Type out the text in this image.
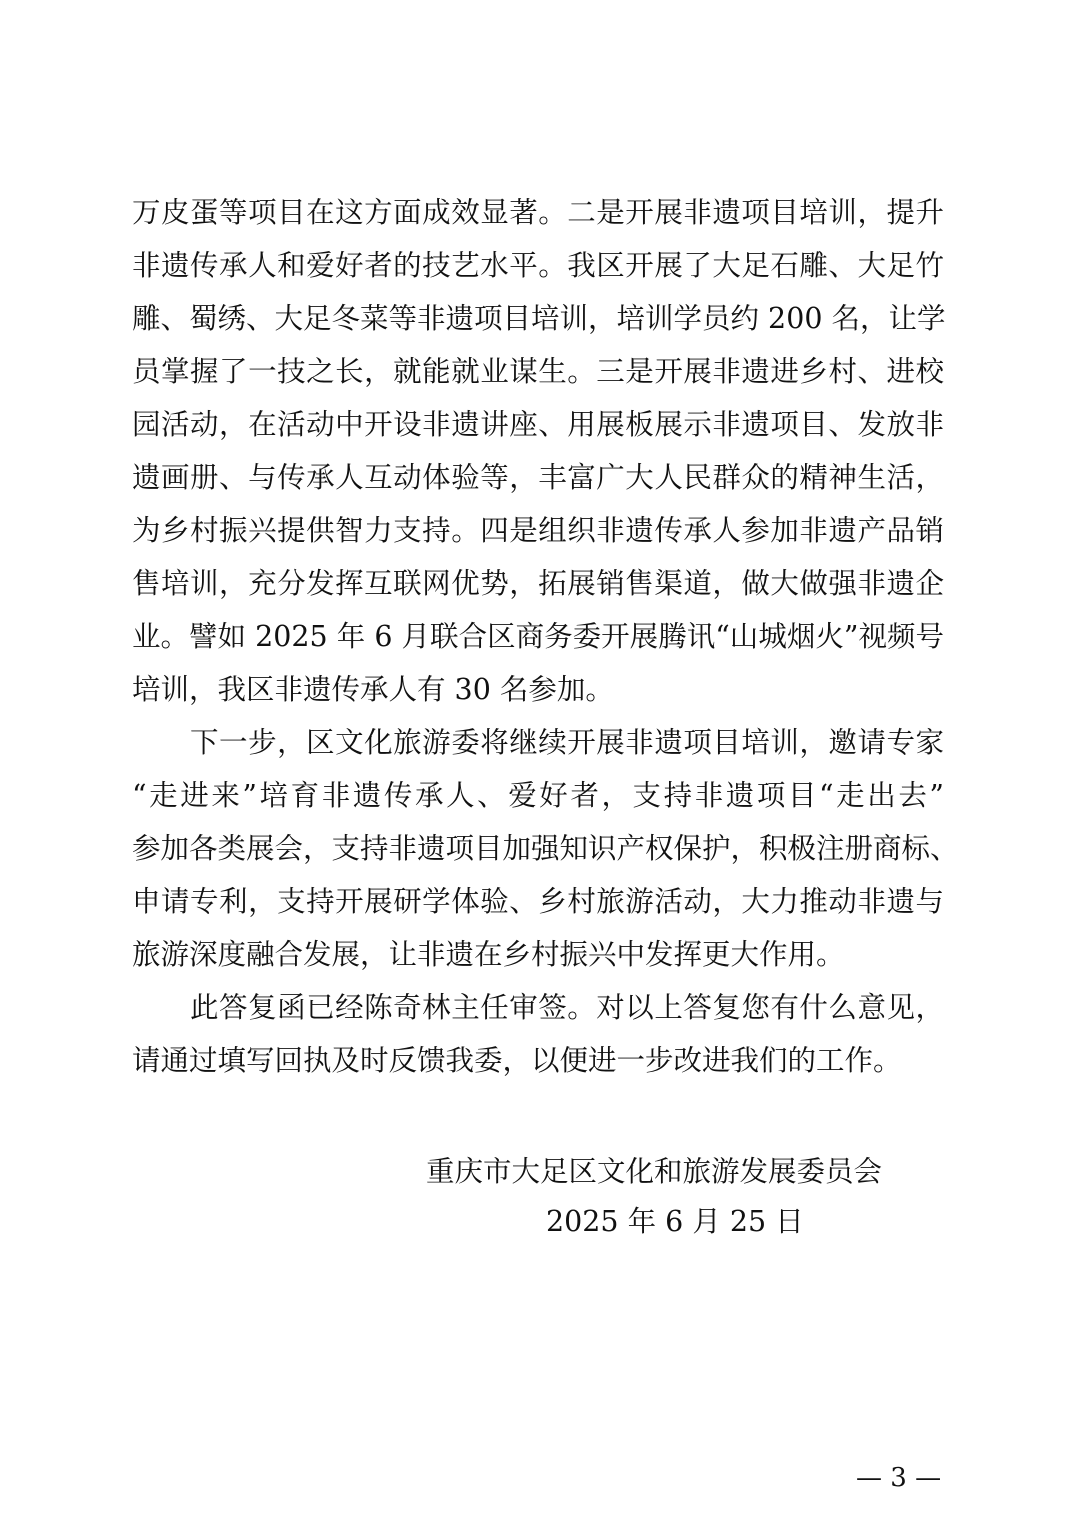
万皮蛋等项目在这方面成效显著。二是开展非遗项目培训，提升
非遗传承人和爱好者的技艺水平。我区开展了大足石雕、大足竹
雕、蜀绣、大足冬菜等非遗项目培训，培训学员约 200 名，让学
员掌握了一技之长，就能就业谋生。三是开展非遗进乡村、进校
园活动，在活动中开设非遗讲座、用展板展示非遗项目、发放非
遗画册、与传承人互动体验等，丰富广大人民群众的精神生活，
为乡村振兴提供智力支持。四是组织非遗传承人参加非遗产品销
售培训，充分发挥互联网优势，拓展销售渠道，做大做强非遗企
业。譬如 2025 年 6 月联合区商务委开展腾讯“山城烟火”视频号
培训，我区非遗传承人有 30 名参加。
　　下一步，区文化旅游委将继续开展非遗项目培训，邀请专家
“走进来”培育非遗传承人、爱好者，支持非遗项目“走出去”
参加各类展会，支持非遗项目加强知识产权保护，积极注册商标、
申请专利，支持开展研学体验、乡村旅游活动，大力推动非遗与
旅游深度融合发展，让非遗在乡村振兴中发挥更大作用。
　　此答复函已经陈奇林主任审签。对以上答复您有什么意见，
请通过填写回执及时反馈我委，以便进一步改进我们的工作。
重庆市大足区文化和旅游发展委员会
2025 年 6 月 25 日
— 3 —
